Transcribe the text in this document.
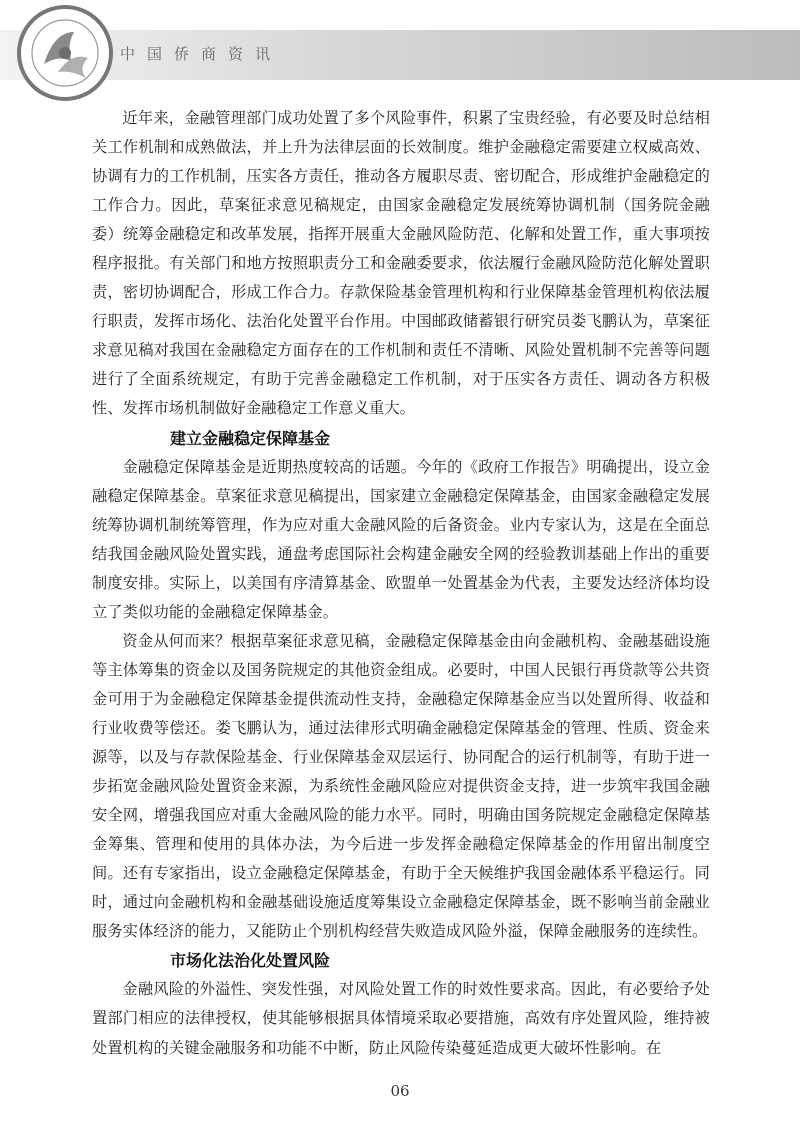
中国侨商资讯

近年来，金融管理部门成功处置了多个风险事件，积累了宝贵经验，有必要及时总结相关工作机制和成熟做法，并上升为法律层面的长效制度。维护金融稳定需要建立权威高效、协调有力的工作机制，压实各方责任，推动各方履职尽责、密切配合，形成维护金融稳定的工作合力。因此，草案征求意见稿规定，由国家金融稳定发展统筹协调机制（国务院金融委）统筹金融稳定和改革发展，指挥开展重大金融风险防范、化解和处置工作，重大事项按程序报批。有关部门和地方按照职责分工和金融委要求，依法履行金融风险防范化解处置职责，密切协调配合，形成工作合力。存款保险基金管理机构和行业保障基金管理机构依法履行职责，发挥市场化、法治化处置平台作用。中国邮政储蓄银行研究员娄飞鹏认为，草案征求意见稿对我国在金融稳定方面存在的工作机制和责任不清晰、风险处置机制不完善等问题进行了全面系统规定，有助于完善金融稳定工作机制，对于压实各方责任、调动各方积极性、发挥市场机制做好金融稳定工作意义重大。

建立金融稳定保障基金

金融稳定保障基金是近期热度较高的话题。今年的《政府工作报告》明确提出，设立金融稳定保障基金。草案征求意见稿提出，国家建立金融稳定保障基金，由国家金融稳定发展统筹协调机制统筹管理，作为应对重大金融风险的后备资金。业内专家认为，这是在全面总结我国金融风险处置实践，通盘考虑国际社会构建金融安全网的经验教训基础上作出的重要制度安排。实际上，以美国有序清算基金、欧盟单一处置基金为代表，主要发达经济体均设立了类似功能的金融稳定保障基金。

资金从何而来？根据草案征求意见稿，金融稳定保障基金由向金融机构、金融基础设施等主体筹集的资金以及国务院规定的其他资金组成。必要时，中国人民银行再贷款等公共资金可用于为金融稳定保障基金提供流动性支持，金融稳定保障基金应当以处置所得、收益和行业收费等偿还。娄飞鹏认为，通过法律形式明确金融稳定保障基金的管理、性质、资金来源等，以及与存款保险基金、行业保障基金双层运行、协同配合的运行机制等，有助于进一步拓宽金融风险处置资金来源，为系统性金融风险应对提供资金支持，进一步筑牢我国金融安全网，增强我国应对重大金融风险的能力水平。同时，明确由国务院规定金融稳定保障基金筹集、管理和使用的具体办法，为今后进一步发挥金融稳定保障基金的作用留出制度空间。还有专家指出，设立金融稳定保障基金，有助于全天候维护我国金融体系平稳运行。同时，通过向金融机构和金融基础设施适度筹集设立金融稳定保障基金，既不影响当前金融业服务实体经济的能力，又能防止个别机构经营失败造成风险外溢，保障金融服务的连续性。

市场化法治化处置风险

金融风险的外溢性、突发性强，对风险处置工作的时效性要求高。因此，有必要给予处置部门相应的法律授权，使其能够根据具体情境采取必要措施，高效有序处置风险，维持被处置机构的关键金融服务和功能不中断，防止风险传染蔓延造成更大破坏性影响。在

06
